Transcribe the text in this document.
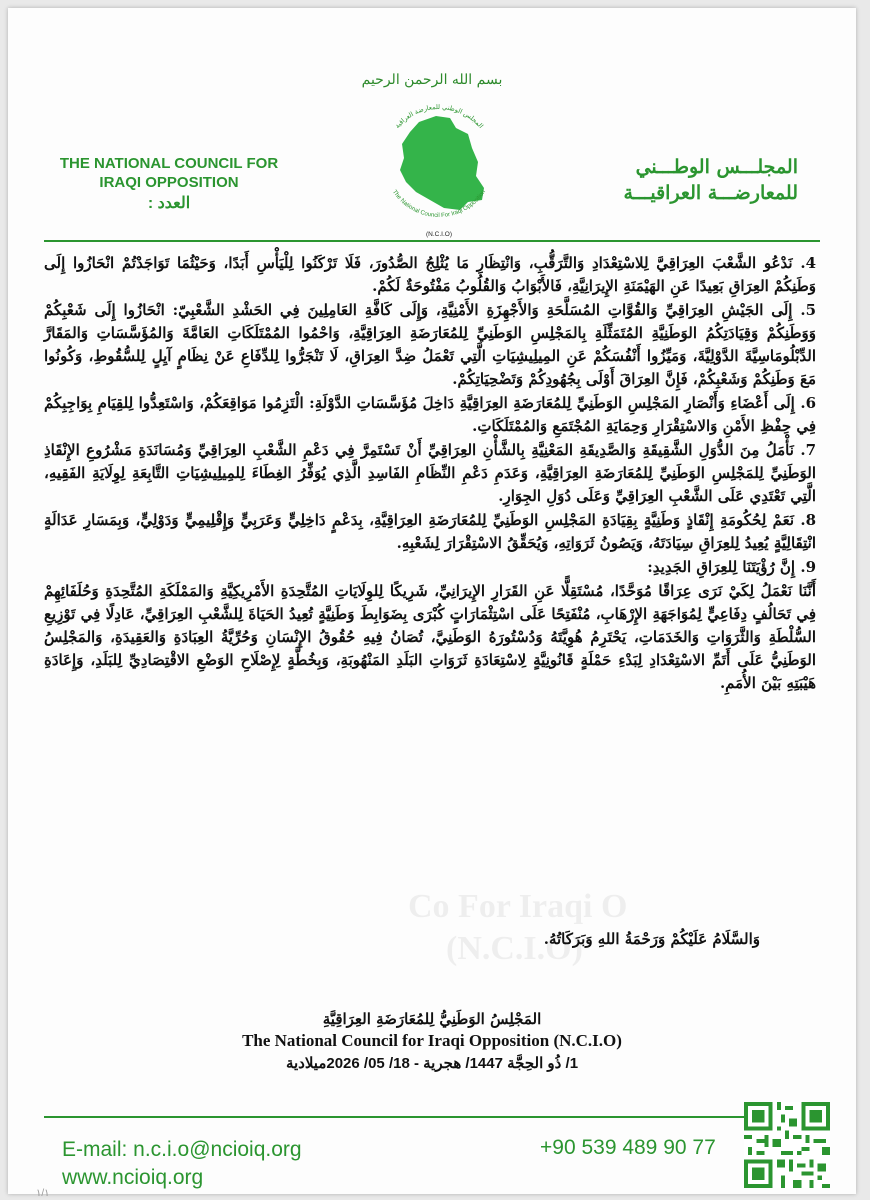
بسم الله الرحمن الرحيم
THE NATIONAL COUNCIL FOR
IRAQI OPPOSITION
العدد :
المجلس الوطني للمعارضة العراقية
The National Council For Iraqi Opposition
(N.C.I.O)
المجلـــس الوطـــني
للمعارضـــة العراقيـــة

4. نَدْعُو الشَّعْبَ العِرَاقِيَّ لِلاسْتِعْدَادِ وَالتَّرَقُّبِ، وَانْتِظَارِ مَا يُثْلِجُ الصُّدُورَ، فَلَا تَرْكَنُوا لِلْيَأْسِ أَبَدًا، وَحَيْثُمَا تَوَاجَدْتُمْ انْحَازُوا إِلَى وَطَنِكُمْ العِرَاقِ بَعِيدًا عَنِ الهَيْمَنَةِ الإِيرَانِيَّةِ، فَالأَبْوَابُ وَالقُلُوبُ مَفْتُوحَةٌ لَكُمْ.

5. إِلَى الجَيْشِ العِرَاقِيِّ وَالقُوَّاتِ المُسَلَّحَةِ وَالأَجْهِزَةِ الأَمْنِيَّةِ، وَإِلَى كَافَّةِ العَامِلِينَ فِي الحَشْدِ الشَّعْبِيّ: انْحَازُوا إِلَى شَعْبِكُمْ وَوَطَنِكُمْ وَقِيَادَتِكُمُ الوَطَنِيَّةِ المُتَمَثِّلَةِ بِالمَجْلِسِ الوَطَنِيِّ لِلمُعَارَضَةِ العِرَاقِيَّةِ، وَاحْمُوا المُمْتَلَكَاتِ العَامَّةَ وَالمُؤَسَّسَاتِ وَالمَقَارَّ الدِّبْلُومَاسِيَّةَ الدَّوْلِيَّةَ، وَمَيِّزُوا أَنْفُسَكُمْ عَنِ المِيلِيشِيَاتِ الَّتِي تَعْمَلُ ضِدَّ العِرَاقِ، لَا تَنْجَرُّوا لِلدِّفَاعِ عَنْ نِظَامٍ آيِلٍ لِلسُّقُوطِ، وَكُونُوا مَعَ وَطَنِكُمْ وَشَعْبِكُمْ، فَإِنَّ العِرَاقَ أَوْلَى بِجُهُودِكُمْ وَتَضْحِيَاتِكُمْ.

6. إِلَى أَعْضَاءِ وَأَنْصَارِ المَجْلِسِ الوَطَنِيِّ لِلمُعَارَضَةِ العِرَاقِيَّةِ دَاخِلَ مُؤَسَّسَاتِ الدَّوْلَةِ: الْتَزِمُوا مَوَاقِعَكُمْ، وَاسْتَعِدُّوا لِلقِيَامِ بِوَاجِبِكُمْ فِي حِفْظِ الأَمْنِ وَالاسْتِقْرَارِ وَحِمَايَةِ المُجْتَمَعِ وَالمُمْتَلَكَاتِ.

7. نَأْمَلُ مِنَ الدُّوَلِ الشَّقِيقَةِ وَالصَّدِيقَةِ المَعْنِيَّةِ بِالشَّأْنِ العِرَاقِيِّ أَنْ تَسْتَمِرَّ فِي دَعْمِ الشَّعْبِ العِرَاقِيِّ وَمُسَانَدَةِ مَشْرُوعِ الإِنْقَاذِ الوَطَنِيِّ لِلمَجْلِسِ الوَطَنِيِّ لِلمُعَارَضَةِ العِرَاقِيَّةِ، وَعَدَمِ دَعْمِ النِّظَامِ الفَاسِدِ الَّذِي يُوَفِّرُ الغِطَاءَ لِلمِيلِيشِيَاتِ التَّابِعَةِ لِوِلَايَةِ الفَقِيهِ، الَّتِي تَعْتَدِي عَلَى الشَّعْبِ العِرَاقِيِّ وَعَلَى دُوَلِ الجِوَارِ.

8. نَعَمْ لِحُكُومَةِ إِنْقَاذٍ وَطَنِيَّةٍ بِقِيَادَةِ المَجْلِسِ الوَطَنِيِّ لِلمُعَارَضَةِ العِرَاقِيَّةِ، بِدَعْمٍ دَاخِلِيٍّ وَعَرَبِيٍّ وَإِقْلِيمِيٍّ وَدَوْلِيٍّ، وَبِمَسَارِ عَدَالَةٍ انْتِقَالِيَّةٍ يُعِيدُ لِلعِرَاقِ سِيَادَتَهُ، وَيَصُونُ ثَرَوَاتِهِ، وَيُحَقِّقُ الاسْتِقْرَارَ لِشَعْبِهِ.

9. إِنَّ رُؤْيَتَنَا لِلعِرَاقِ الجَدِيدِ:

أَنَّنَا نَعْمَلُ لِكَيْ نَرَى عِرَاقًا مُوَحَّدًا، مُسْتَقِلًّا عَنِ القَرَارِ الإِيرَانِيِّ، شَرِيكًا لِلوِلَايَاتِ المُتَّحِدَةِ الأَمْرِيكِيَّةِ وَالمَمْلَكَةِ المُتَّحِدَةِ وَحُلَفَائِهِمْ فِي تَحَالُفٍ دِفَاعِيٍّ لِمُوَاجَهَةِ الإِرْهَابِ، مُنْفَتِحًا عَلَى اسْتِثْمَارَاتٍ كُبْرَى بِضَوَابِطَ وَطَنِيَّةٍ تُعِيدُ الحَيَاةَ لِلشَّعْبِ العِرَاقِيِّ، عَادِلًا فِي تَوْزِيعِ السُّلْطَةِ وَالثَّرَوَاتِ وَالخَدَمَاتِ، يَحْتَرِمُ هُوِيَّتَهُ وَدُسْتُورَهُ الوَطَنِيَّ، تُصَانُ فِيهِ حُقُوقُ الإِنْسَانِ وَحُرِّيَّةُ العِبَادَةِ وَالعَقِيدَةِ، وَالمَجْلِسُ الوَطَنِيُّ عَلَى أَتَمِّ الاسْتِعْدَادِ لِبَدْءِ حَمْلَةٍ قَانُونِيَّةٍ لِاسْتِعَادَةِ ثَرَوَاتِ البَلَدِ المَنْهُوبَةِ، وَبِخُطَّةٍ لِإِصْلَاحِ الوَضْعِ الاقْتِصَادِيِّ لِلبَلَدِ، وَإِعَادَةِ هَيْبَتِهِ بَيْنَ الأُمَمِ.

Co For Iraqi O
(N.C.I.O)
وَالسَّلَامُ عَلَيْكُمْ وَرَحْمَةُ اللهِ وَبَرَكَاتُهُ.
المَجْلِسُ الوَطَنِيُّ لِلمُعَارَضَةِ العِرَاقِيَّةِ
The National Council for Iraqi Opposition (N.C.I.O)
1/ ذُو الحِجَّة 1447/ هجرية - 18/ 05/ 2026ميلادية
E-mail: n.c.i.o@ncioiq.org
www.ncioiq.org
+90 539 489 90 77
١/١
